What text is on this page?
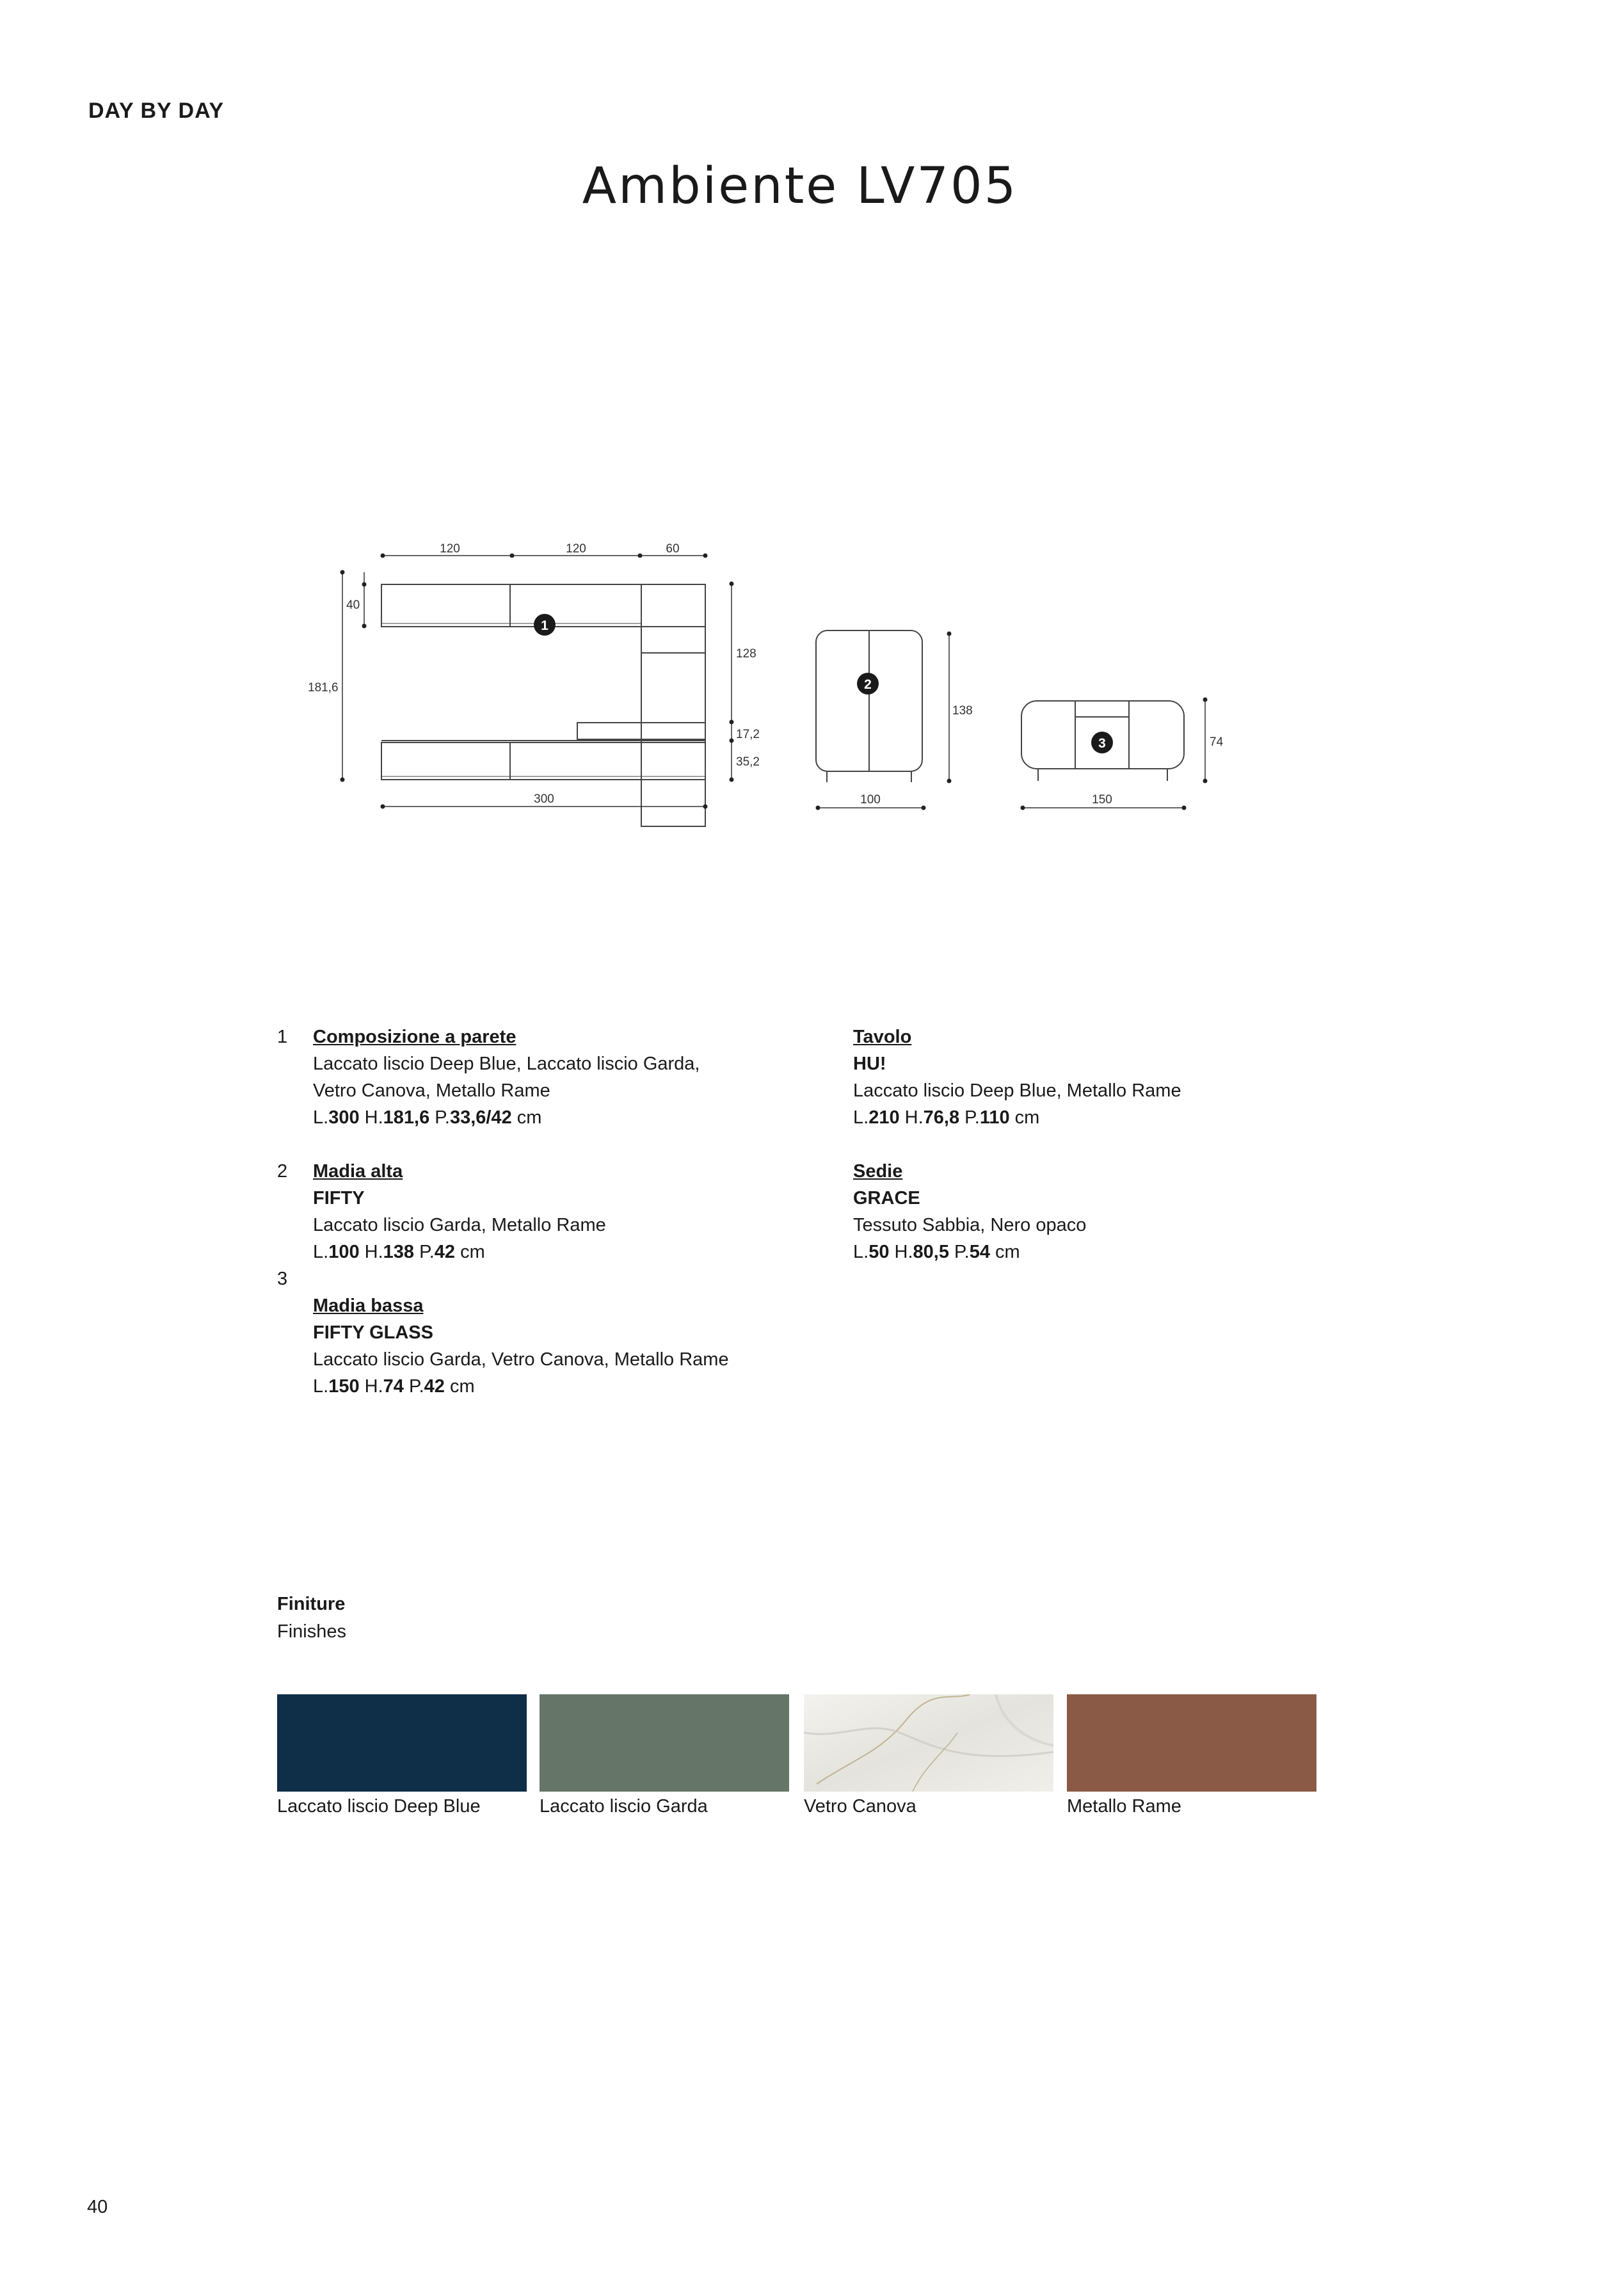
DAY BY DAY
Ambiente LV705
1
2
3
120	120	60
40
181,6
128
17,2
35,2
300
138
100
74
150
1 Composizione a parete
Laccato liscio Deep Blue, Laccato liscio Garda,
Vetro Canova, Metallo Rame
L.300 H.181,6 P.33,6/42 cm
2 Madia alta
FIFTY
Laccato liscio Garda, Metallo Rame
L.100 H.138 P.42 cm
3
Madia bassa
FIFTY GLASS
Laccato liscio Garda, Vetro Canova, Metallo Rame
L.150 H.74 P.42 cm
Tavolo
HU!
Laccato liscio Deep Blue, Metallo Rame
L.210 H.76,8 P.110 cm
Sedie
GRACE
Tessuto Sabbia, Nero opaco
L.50 H.80,5 P.54 cm
Finiture
Finishes
Laccato liscio Deep Blue	Laccato liscio Garda	Vetro Canova	Metallo Rame
40
